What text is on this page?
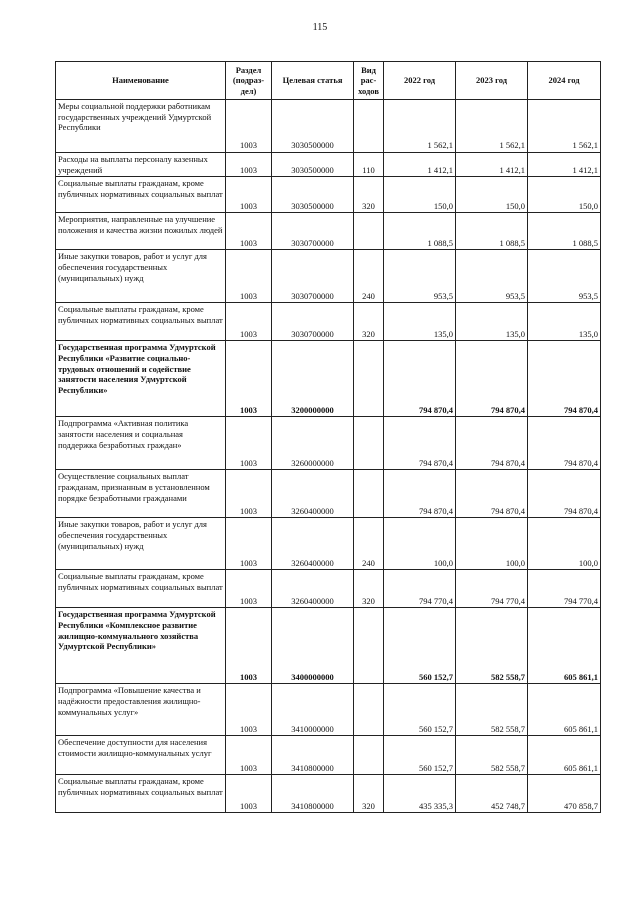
115
Наименование	Раздел (подраз-дел)	Целевая статья	Вид рас-ходов	2022 год	2023 год	2024 год
Меры социальной поддержки работникам государственных учреждений Удмуртской Республики	1003	3030500000		1 562,1	1 562,1	1 562,1
Расходы на выплаты персоналу казенных учреждений	1003	3030500000	110	1 412,1	1 412,1	1 412,1
Социальные выплаты гражданам, кроме публичных нормативных социальных выплат	1003	3030500000	320	150,0	150,0	150,0
Мероприятия, направленные на улучшение положения и качества жизни пожилых людей	1003	3030700000		1 088,5	1 088,5	1 088,5
Иные закупки товаров, работ и услуг для обеспечения государственных (муниципальных) нужд	1003	3030700000	240	953,5	953,5	953,5
Социальные выплаты гражданам, кроме публичных нормативных социальных выплат	1003	3030700000	320	135,0	135,0	135,0
Государственная программа Удмуртской Республики «Развитие социально-трудовых отношений и содействие занятости населения Удмуртской Республики»	1003	3200000000		794 870,4	794 870,4	794 870,4
Подпрограмма «Активная политика занятости населения и социальная поддержка безработных граждан»	1003	3260000000		794 870,4	794 870,4	794 870,4
Осуществление социальных выплат гражданам, признанным в установленном порядке безработными гражданами	1003	3260400000		794 870,4	794 870,4	794 870,4
Иные закупки товаров, работ и услуг для обеспечения государственных (муниципальных) нужд	1003	3260400000	240	100,0	100,0	100,0
Социальные выплаты гражданам, кроме публичных нормативных социальных выплат	1003	3260400000	320	794 770,4	794 770,4	794 770,4
Государственная программа Удмуртской Республики «Комплексное развитие жилищно-коммунального хозяйства Удмуртской Республики»	1003	3400000000		560 152,7	582 558,7	605 861,1
Подпрограмма «Повышение качества и надёжности предоставления жилищно-коммунальных услуг»	1003	3410000000		560 152,7	582 558,7	605 861,1
Обеспечение доступности для населения стоимости жилищно-коммунальных услуг	1003	3410800000		560 152,7	582 558,7	605 861,1
Социальные выплаты гражданам, кроме публичных нормативных социальных выплат	1003	3410800000	320	435 335,3	452 748,7	470 858,7
